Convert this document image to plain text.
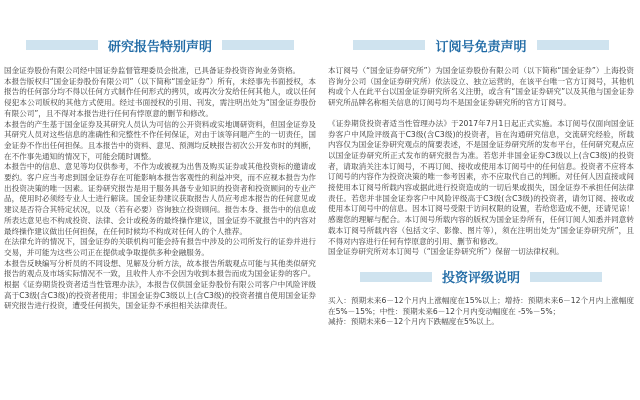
研究报告特别声明

国金证券股份有限公司经中国证券监督管理委员会批准，已具备证券投资咨询业务资格。

本报告版权归“国金证券股份有限公司”（以下简称“国金证券”）所有，未经事先书面授权，本报告的任何部分均不得以任何方式制作任何形式的拷贝，或再次分发给任何其他人，或以任何侵犯本公司版权的其他方式使用。经过书面授权的引用、刊发，需注明出处为“国金证券股份有限公司”，且不得对本报告进行任何有悖原意的删节和修改。

本报告的产生基于国金证券及其研究人员认为可信的公开资料或实地调研资料，但国金证券及其研究人员对这些信息的准确性和完整性不作任何保证，对由于该等问题产生的一切责任，国金证券不作出任何担保。且本报告中的资料、意见、预测均反映报告初次公开发布时的判断，在不作事先通知的情况下，可能会随时调整。

本报告中的信息、意见等均仅供参考，不作为或被视为出售及购买证券或其他投资标的邀请或要约。客户应当考虑到国金证券存在可能影响本报告客观性的利益冲突，而不应视本报告为作出投资决策的唯一因素。证券研究报告是用于服务具备专业知识的投资者和投资顾问的专业产品，使用时必须经专业人士进行解读。国金证券建议获取报告人员应考虑本报告的任何意见或建议是否符合其特定状况，以及（若有必要）咨询独立投资顾问。报告本身、报告中的信息或所表达意见也不构成投资、法律、会计或税务的最终操作建议，国金证券不就报告中的内容对最终操作建议做出任何担保，在任何时候均不构成对任何人的个人推荐。

在法律允许的情况下，国金证券的关联机构可能会持有报告中涉及的公司所发行的证券并进行交易，并可能为这些公司正在提供或争取提供多种金融服务。

本报告反映编写分析员的不同设想、见解及分析方法，故本报告所载观点可能与其他类似研究报告的观点及市场实际情况不一致，且收件人亦不会因为收到本报告而成为国金证券的客户。

根据《证券期货投资者适当性管理办法》，本报告仅供国金证券股份有限公司客户中风险评级高于C3级(含C3级)的投资者使用；非国金证券C3级以上(含C3级)的投资者擅自使用国金证券研究报告进行投资，遭受任何损失，国金证券不承担相关法律责任。

订阅号免责声明

本订阅号（“国金证券研究所”）为国金证券股份有限公司（以下简称“国金证券”）上海投资咨询分公司（国金证券研究所）依法设立、独立运营的，在该平台唯一官方订阅号，其他机构或个人在此平台以国金证券研究所名义注册，或含有“国金证券研究”以及其他与国金证券研究所品牌名称相关信息的订阅号均不是国金证券研究所的官方订阅号。

《证券期货投资者适当性管理办法》于2017年7月1日起正式实施。本订阅号仅面向国金证券客户中风险评级高于C3级(含C3级)的投资者，旨在沟通研究信息，交流研究经验，所载内容仅为国金证券研究观点的简要表述，不是国金证券研究所的发布平台，任何研究观点应以国金证券研究所正式发布的研究报告为准。若您并非国金证券C3级以上(含C3级)的投资者，请取消关注本订阅号，不再订阅、接收或使用本订阅号中的任何信息。投资者不应将本订阅号的内容作为投资决策的唯一参考因素，亦不应取代自己的判断。对任何人因直接或间接使用本订阅号所载内容或据此进行投资造成的一切后果或损失，国金证券不承担任何法律责任。若您并非国金证券客户中风险评级高于C3级(含C3级)的投资者，请勿订阅、接收或使用本订阅号中的信息。因本订阅号受限于访问权限的设置，若给您造成不便，还请见谅！感谢您的理解与配合。本订阅号所载内容的版权为国金证券所有，任何订阅人知悉并同意转载本订阅号所载内容（包括文字、影像、图片等），须在注明出处为“国金证券研究所”，且不得对内容进行任何有悖原意的引用、删节和修改。

国金证券研究所对本订阅号（“国金证券研究所”）保留一切法律权利。

投资评级说明

买入：预期未来6－12个月内上涨幅度在15%以上；增持：预期未来6－12个月内上涨幅度在5%－15%；中性：预期未来6－12个月内变动幅度在 -5%－5%；

减持：预期未来6－12个月内下跌幅度在5%以上。
